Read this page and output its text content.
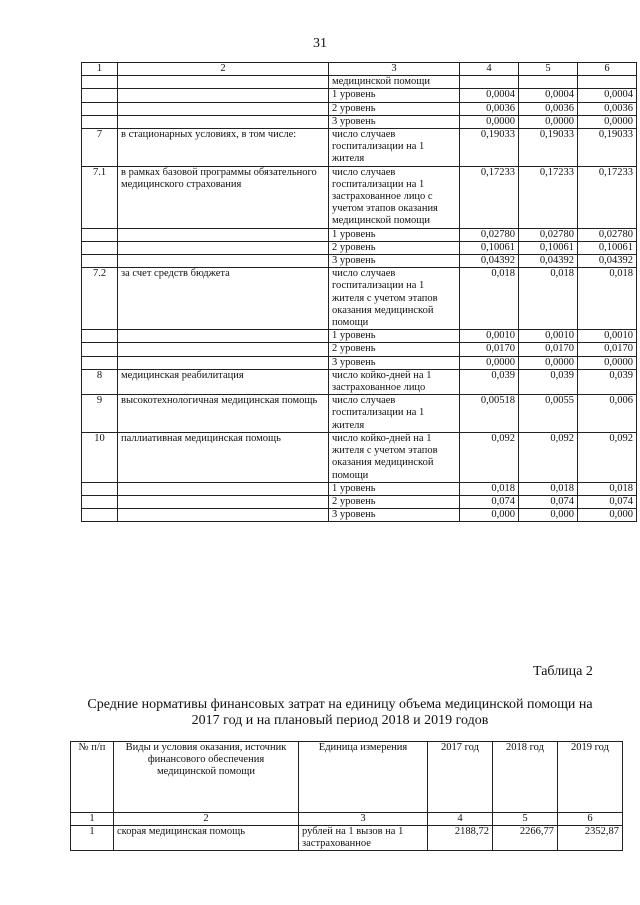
31
1	2	3	4	5	6
		медицинской помощи			
		1 уровень	0,0004	0,0004	0,0004
		2 уровень	0,0036	0,0036	0,0036
		3 уровень	0,0000	0,0000	0,0000
7	в стационарных условиях, в том числе:	число случаев госпитализации на 1 жителя	0,19033	0,19033	0,19033
7.1	в рамках базовой программы обязательного медицинского страхования	число случаев госпитализации на 1 застрахованное лицо с учетом этапов оказания медицинской помощи	0,17233	0,17233	0,17233
		1 уровень	0,02780	0,02780	0,02780
		2 уровень	0,10061	0,10061	0,10061
		3 уровень	0,04392	0,04392	0,04392
7.2	за счет средств бюджета	число случаев госпитализации на 1 жителя с учетом этапов оказания медицинской помощи	0,018	0,018	0,018
		1 уровень	0,0010	0,0010	0,0010
		2 уровень	0,0170	0,0170	0,0170
		3 уровень	0,0000	0,0000	0,0000
8	медицинская реабилитация	число койко-дней на 1 застрахованное лицо	0,039	0,039	0,039
9	высокотехнологичная медицинская помощь	число случаев госпитализации на 1 жителя	0,00518	0,0055	0,006
10	паллиативная медицинская помощь	число койко-дней на 1 жителя с учетом этапов оказания медицинской помощи	0,092	0,092	0,092
		1 уровень	0,018	0,018	0,018
		2 уровень	0,074	0,074	0,074
		3 уровень	0,000	0,000	0,000
Таблица 2
Средние нормативы финансовых затрат на единицу объема медицинской помощи на 2017 год и на плановый период 2018 и 2019 годов
№ п/п	Виды и условия оказания, источник финансового обеспечения медицинской помощи	Единица измерения	2017 год	2018 год	2019 год
1	2	3	4	5	6
1	скорая медицинская помощь	рублей на 1 вызов на 1 застрахованное	2188,72	2266,77	2352,87
